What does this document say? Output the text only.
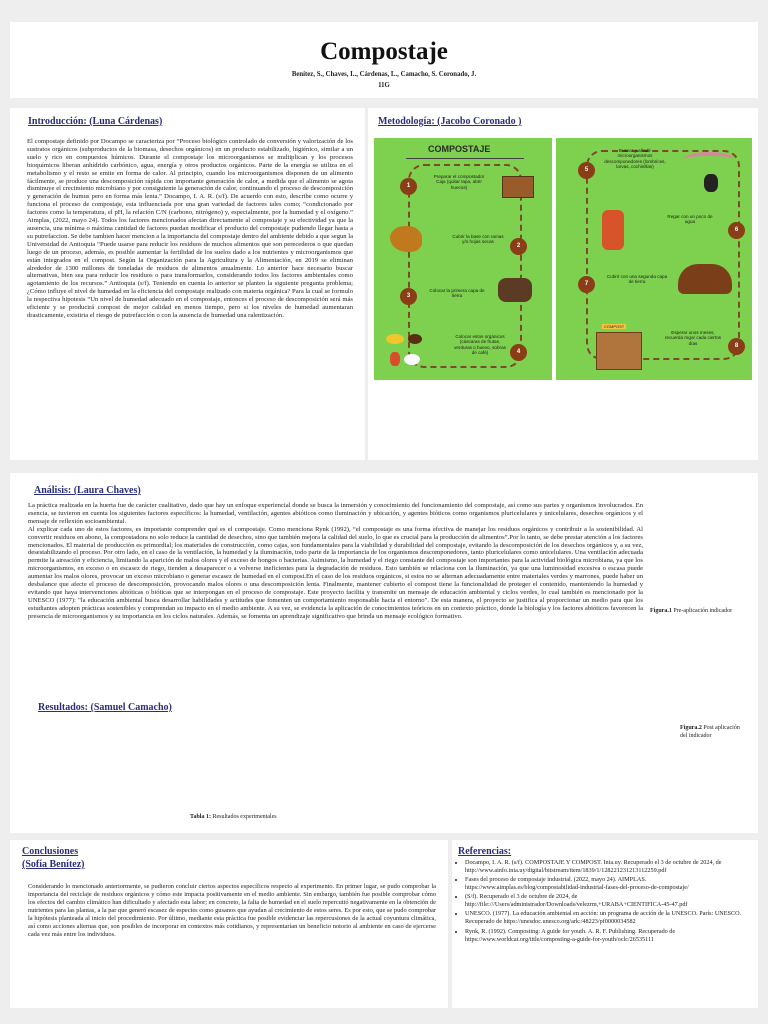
Compostaje
Benítez, S., Chaves, I.., Cárdenas, L., Camacho, S. Coronado, J.
11G
Introducción: (Luna Cárdenas)
El compostaje definido por Docampo se caracteriza por “Proceso biológico controlado de conversión y valorización de los sustratos orgánicos (subproductos de la biomasa, desechos orgánicos) en un producto estabilizado, higiénico, similar a un suelo y rico en compuestos húmicos. Durante el compostaje los microorganismos se multiplican y los procesos bioquímicos liberan anhídrido carbónico, agua, energía y otros productos orgánicos. Parte de la energía se utiliza en el metabolismo y el resto se emite en forma de calor. Al principio, cuando los microorganismos disponen de un alimento fácilmente, se produce una descomposición rápida con importante generación de calor, a medida que el alimento se agota disminuye el crecimiento microbiano y por consiguiente la generación de calor, continuando el proceso de descomposición y generación de humus pero en forma más lenta.” Docampo, I. A. R. (s/f). De acuerdo con esto, describe como ocurre y funciona el proceso de compostaje, esta influenciada por una gran variedad de factores tales como; “condicionado por factores como la temperatura, el pH, la relación C/N (carbono, nitrógeno) y, especialmente, por la humedad y el oxígeno.” Aimplas, (2022, mayo 24). Todos los factores mencionados afectan directamente al compostaje y su efectividad ya que la ausencia, una mínima o máxima cantidad de factores puedan modificar el producto del compostaje pudiendo llegar hasta a su putrefaccion. Se debe tambien hacer mencion a la importancia del compostaje dentro del ambiente debido a que segun la Universidad de Antioquia “Puede usarse para reducir los residuos de muchos alimentos que son perecederos o que quedan luego de un proceso, además, es posible aumentar la fertilidad de los suelos dado a los nutrientes y microorganismos que están integrados en el compost. Según la Organización para la Agricultura y la Alimentación, en 2019 se eliminan alrededor de 1300 millones de toneladas de residuos de alimentos anualmente. Lo anterior hace necesario buscar alternativas, bien sea para reducir los residuos o para transformarlos, considerando todos los factores ambientales como agotamiento de los recursos.” Antioquia (s/f). Teniendo en cuenta lo anterior se planteo la siguiente pregunta problema; ¿Cómo influye el nivel de humedad en la eficiencia del compostaje realizado con materia orgánica? Para la cual se formulo la respectiva hipotesis “Un nivel de humedad adecuado en el compostaje, entonces el proceso de descomposición será más eficiente y se producirá compost de mejor calidad en menos tiempo, pero si los niveles de humedad aumentaran drasticamente, existiria el riesgo de putrefacción o con la ausencia de humedad una ralentización.
Metodología: (Jacobo Coronado )
COMPOSTAJE
1
Preparar el compostador Caja (quitar tapa, abrir huecos)
2
Cubrir la base con ramas y/o hojas secas
3
Colocar la primera capa de tierra
4
Colocar estos orgánicos (cáscaras de frutas, verduras o huevo, sobras de café)
5
Buscar y añadir microorganismos descomponedores (lombrices, larvas, cochinillas)
6
Regar con un poco de agua
7
Cubrir con una segunda capa de tierra
8
Esperar unos meses, recuerda regar cada ciertos días
COMPOST
Análisis: (Laura Chaves)
La práctica realizada en la huerta fue de carácter cualitativo, dado que hay un enfoque experiencial donde se busca la inmersión y conocimiento del funcionamiento del compostaje, así como sus partes y organismos involucrados. En esencia, se tuvieron en cuenta los siguientes factores específicos: la humedad, ventilación, agentes abióticos como iluminación y ubicación, y agentes bióticos como organismos pluricelulares y unicelulares, desechos orgánicos y el mensaje de reflexión socioambiental.
Al explicar cada uno de estos factores, es importante comprender qué es el compostaje. Como menciona Rynk (1992), “el compostaje es una forma efectiva de manejar los residuos orgánicos y contribuir a la sostenibilidad. Al convertir residuos en abono, la compostadora no solo reduce la cantidad de desechos, sino que también mejora la calidad del suelo, lo que es crucial para la producción de alimentos”.Por lo tanto, se debe prestar atención a los factores mencionados. El material de producción es primordial; los materiales de construcción, como cajas, son fundamentales para la viabilidad y durabilidad del compostaje, evitando la descomposición de los desechos orgánicos y, a su vez, desestabilizando el proceso. Por otro lado, en el caso de la ventilación, la humedad y la iluminación, todo parte de la importancia de los organismos descomponedores, tanto pluricelulares como unicelulares. Una ventilación adecuada permite la aireación y eficiencia, limitando la aparición de malos olores y el exceso de hongos o bacterias. Asimismo, la humedad y el riego constante del compostaje son importantes para la actividad biológica microbiana, ya que los microorganismos, en exceso o en escasez de riego, tienden a desaparecer o a volverse ineficientes para la degradación de residuos. Esto también se relaciona con la iluminación, ya que una luminosidad excesiva o escasa puede aumentar los malos olores, provocar un exceso microbiano o generar escasez de humedad en el compost.En el caso de los residuos orgánicos, si estos no se alternan adecuadamente entre materiales verdes y marrones, puede haber un desbalance que afecte el proceso de descomposición, provocando malos olores o una descomposición lenta. Finalmente, mantener cubierto el compost tiene la funcionalidad de proteger el contenido, manteniendo la humedad y evitando que haya intervenciones abióticas o bióticas que se interpongan en el proceso de compostaje. Este proyecto facilita y transmite un mensaje de educación ambiental y ciclos verdes, lo cual también es mencionado por la UNESCO (1977): "la educación ambiental busca desarrollar habilidades y actitudes que fomenten un comportamiento responsable hacia el entorno". De esta manera, el proyecto se justifica al proporcionar un medio para que los estudiantes adopten prácticas sostenibles y comprendan su impacto en el medio ambiente. A su vez, se evidencia la aplicación de conocimientos teóricos en un contexto práctico, donde la biología y los factores abióticos favorecen la presencia de microorganismos y su importancia en los ciclos naturales. Además, se fomenta un aprendizaje significativo que brinda un mensaje ecológico formativo.
Figura.1 Pre-aplicación indicador
Resultados: (Samuel Camacho)
Figura.2 Post aplicación del indicador
Tabla 1: Resultados experimentales
Conclusiones
(Sofía Benítez)
Considerando lo mencionado anteriormente, se pudieron concluir ciertos aspectos específicos respecto al experimento. En primer lugar, se pudo comprobar la importancia del reciclaje de residuos orgánicos y cómo este impacta positivamente en el medio ambiente. Sin embargo, también fue posible comprobar cómo los efectos del cambio climático han dificultado y afectado esta labor; en concreto, la falta de humedad en el suelo repercutió negativamente en la obtención de nutrientes para las plantas, a la par que generó escasez de especies como gusanos que ayudan al crecimiento de estos seres. Es por esto, que se pudo comprobar la hipótesis planteada al inicio del procedimiento. Por último, mediante esta práctica fue posible evidenciar las repercusiones de la actual coyuntura climática, así como acciones alternas que, son posibles de incorporar en contextos más cotidianos, y representarían un beneficio notorio al ambiente en caso de ejercerse cada vez más entre los individuos.
Referencias:
• Docampo, I. A. R. (s/f). COMPOSTAJE Y COMPOST. Inia.uy. Recuperado el 3 de octubre de 2024, de http://www.ainfo.inia.uy/digital/bitstream/item/1839/1/128221231213112259.pdf
• Fases del proceso de compostaje industrial. (2022, mayo 24). AIMPLAS. https://www.aimplas.es/blog/compostabilidad-industrial-fases-del-proceso-de-compostaje/
• (S/f). Recuperado el 3 de octubre de 2024, de http://file:///Users/administrador/Downloads/velezrm,+URABA+CIENTIFICA-45-47.pdf
• UNESCO. (1977). La educación ambiental en acción: un programa de acción de la UNESCO. París: UNESCO. Recuperado de https://unesdoc.unesco.org/ark:/48223/pf0000034582
• Rynk, R. (1992). Composting: A guide for youth. A. R. F. Publishing. Recuperado de https://www.worldcat.org/title/composting-a-guide-for-youth/oclc/26535111
